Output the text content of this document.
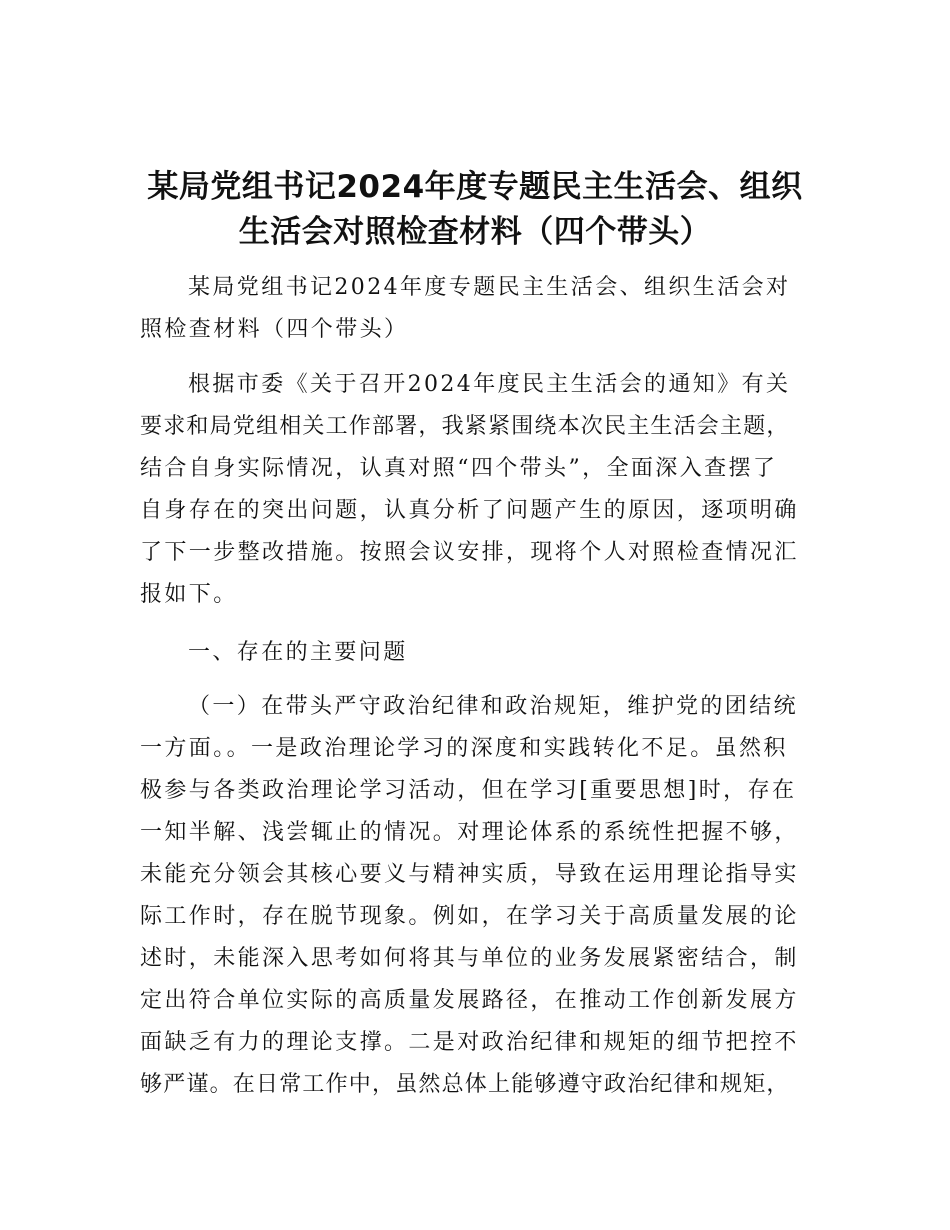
某局党组书记2024年度专题民主生活会、组织
生活会对照检查材料（四个带头）
某局党组书记2024年度专题民主生活会、组织生活会对
照检查材料（四个带头）
根据市委《关于召开2024年度民主生活会的通知》有关
要求和局党组相关工作部署，我紧紧围绕本次民主生活会主题，
结合自身实际情况，认真对照“四个带头”，全面深入查摆了
自身存在的突出问题，认真分析了问题产生的原因，逐项明确
了下一步整改措施。按照会议安排，现将个人对照检查情况汇
报如下。
一、存在的主要问题
（一）在带头严守政治纪律和政治规矩，维护党的团结统
一方面。。一是政治理论学习的深度和实践转化不足。虽然积
极参与各类政治理论学习活动，但在学习[重要思想]时，存在
一知半解、浅尝辄止的情况。对理论体系的系统性把握不够，
未能充分领会其核心要义与精神实质，导致在运用理论指导实
际工作时，存在脱节现象。例如，在学习关于高质量发展的论
述时，未能深入思考如何将其与单位的业务发展紧密结合，制
定出符合单位实际的高质量发展路径，在推动工作创新发展方
面缺乏有力的理论支撑。二是对政治纪律和规矩的细节把控不
够严谨。在日常工作中，虽然总体上能够遵守政治纪律和规矩，
